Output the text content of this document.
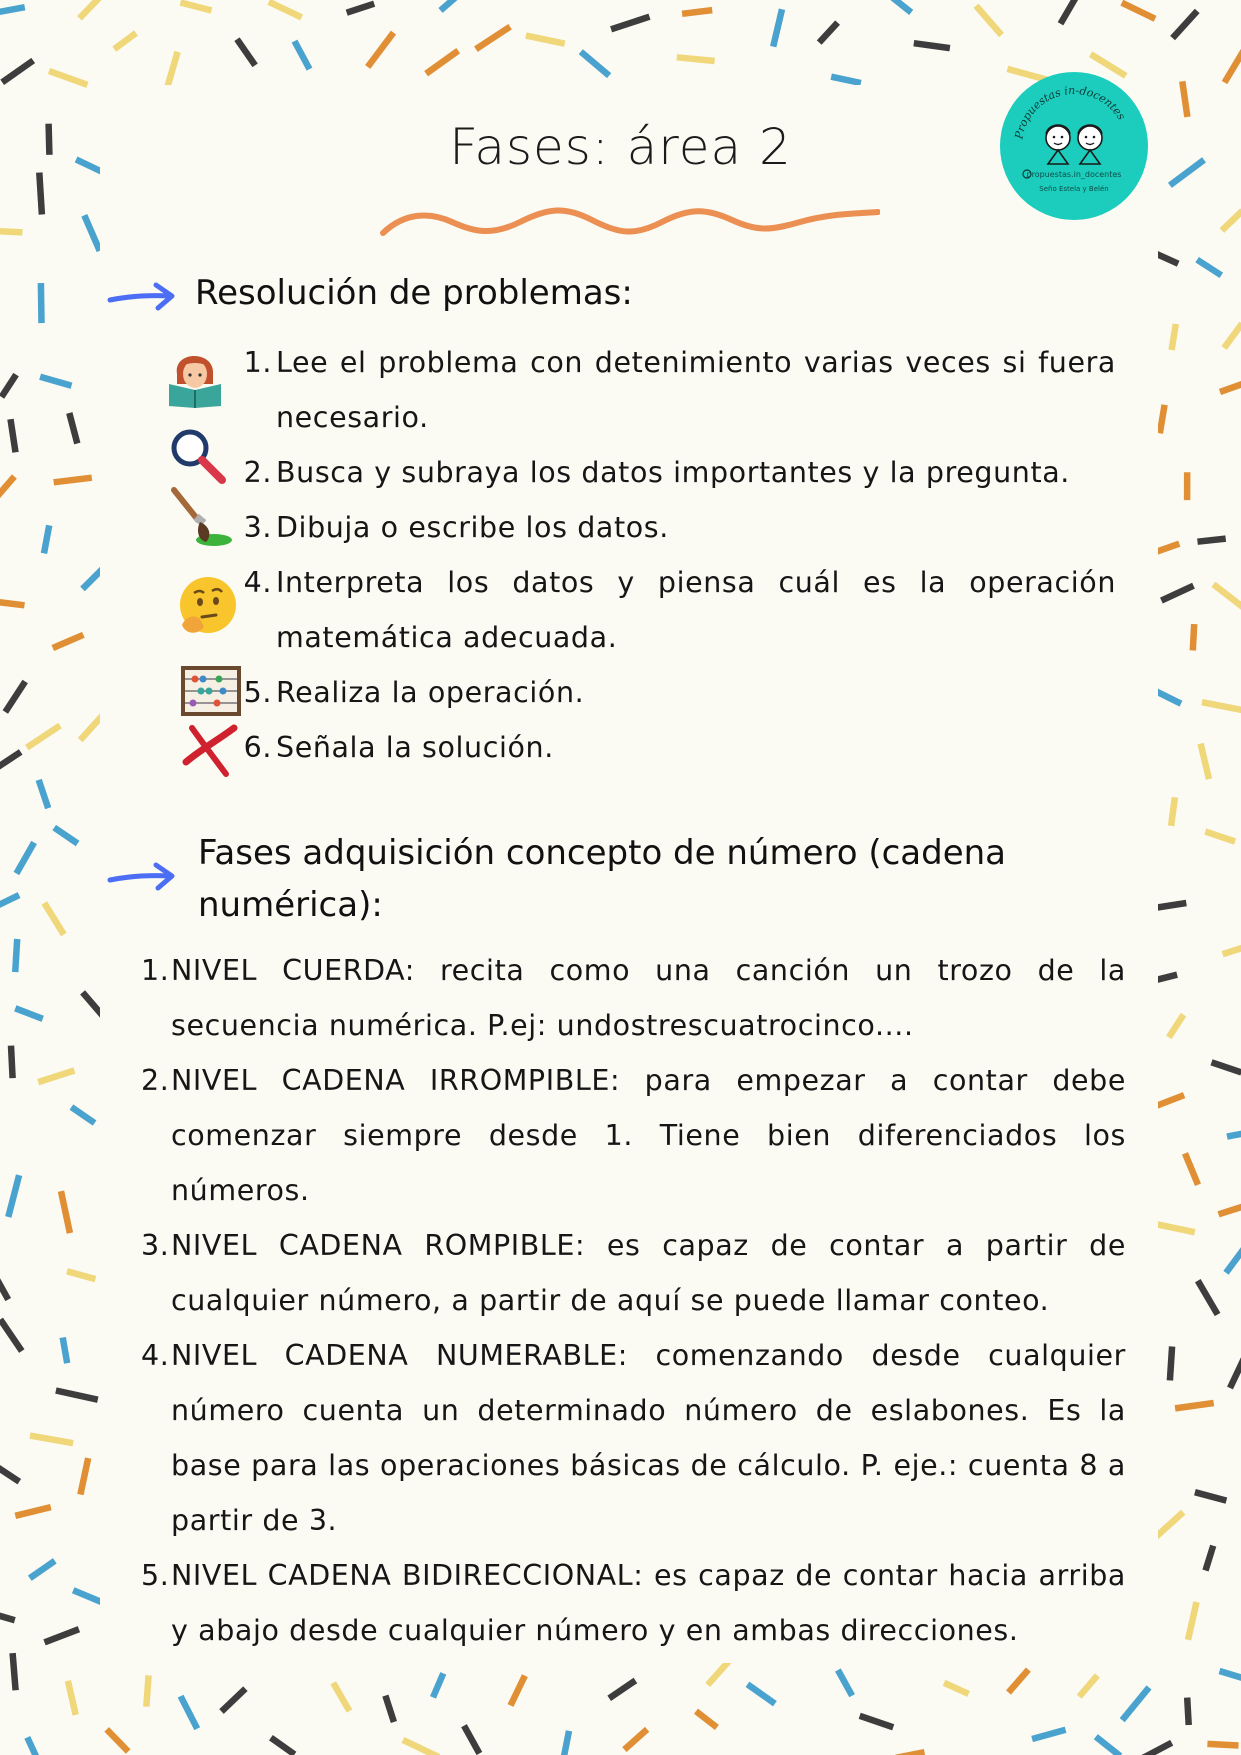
Fases: área 2	Propuestas in-docentes
propuestas.in_docentes
Seño Estela y Belén
Resolución de problemas:
1. Lee el problema con detenimiento varias veces si fuera necesario.
2. Busca y subraya los datos importantes y la pregunta.
3. Dibuja o escribe los datos.
4. Interpreta los datos y piensa cuál es la operación matemática adecuada.
5. Realiza la operación.
6. Señala la solución.
Fases adquisición concepto de número (cadena
numérica):
1. NIVEL CUERDA: recita como una canción un trozo de la secuencia numérica. P.ej: undostrescuatrocinco....
2. NIVEL CADENA IRROMPIBLE: para empezar a contar debe comenzar siempre desde 1. Tiene bien diferenciados los números.
3. NIVEL CADENA ROMPIBLE: es capaz de contar a partir de cualquier número, a partir de aquí se puede llamar conteo.
4. NIVEL CADENA NUMERABLE: comenzando desde cualquier número cuenta un determinado número de eslabones. Es la base para las operaciones básicas de cálculo. P. eje.: cuenta 8 a partir de 3.
5. NIVEL CADENA BIDIRECCIONAL: es capaz de contar hacia arriba y abajo desde cualquier número y en ambas direcciones.
